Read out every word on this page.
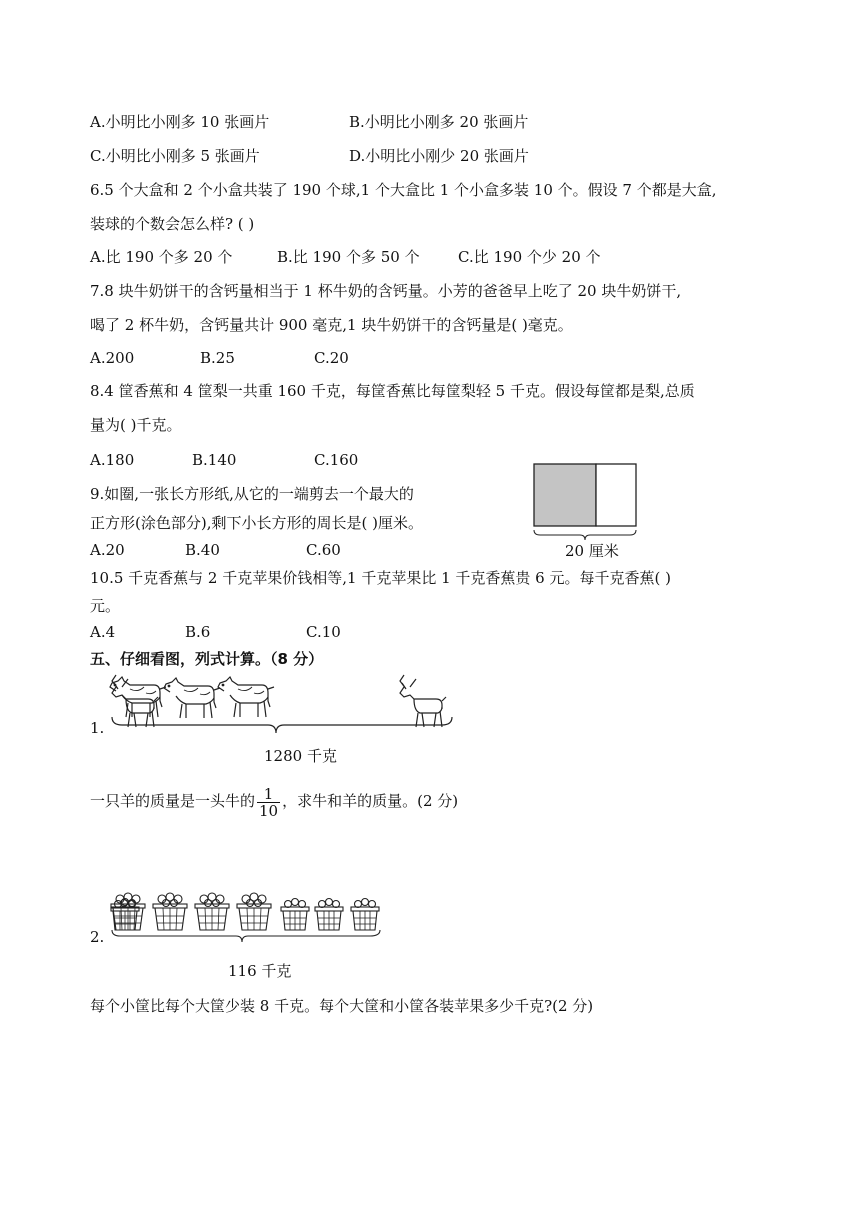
A.小明比小刚多 10 张画片	B.小明比小刚多 20 张画片
C.小明比小刚多 5 张画片	D.小明比小刚少 20 张画片
6.5 个大盒和 2 个小盒共装了 190 个球,1 个大盒比 1 个小盒多装 10 个。假设 7 个都是大盒,
装球的个数会怎么样? ( )
A.比 190 个多 20 个	B.比 190 个多 50 个	C.比 190 个少 20 个
7.8 块牛奶饼干的含钙量相当于 1 杯牛奶的含钙量。小芳的爸爸早上吃了 20 块牛奶饼干,
喝了 2 杯牛奶，含钙量共计 900 毫克,1 块牛奶饼干的含钙量是( )毫克。
A.200	B.25	C.20
8.4 筐香蕉和 4 筐梨一共重 160 千克，每筐香蕉比每筐梨轻 5 千克。假设每筐都是梨,总质
量为( )千克。
A.180	B.140	C.160
9.如圈,一张长方形纸,从它的一端剪去一个最大的
正方形(涂色部分),剩下小长方形的周长是( )厘米。
A.20	B.40	C.60	20 厘米
10.5 千克香蕉与 2 千克苹果价钱相等,1 千克苹果比 1 千克香蕉贵 6 元。每千克香蕉( )
元。
A.4	B.6	C.10
五、仔细看图，列式计算。（8 分）
1.
1280 千克
一只羊的质量是一头牛的 $\frac{1}{10}$ ，求牛和羊的质量。(2 分)
2.
116 千克
每个小筐比每个大筐少装 8 千克。每个大筐和小筐各装苹果多少千克?(2 分)
